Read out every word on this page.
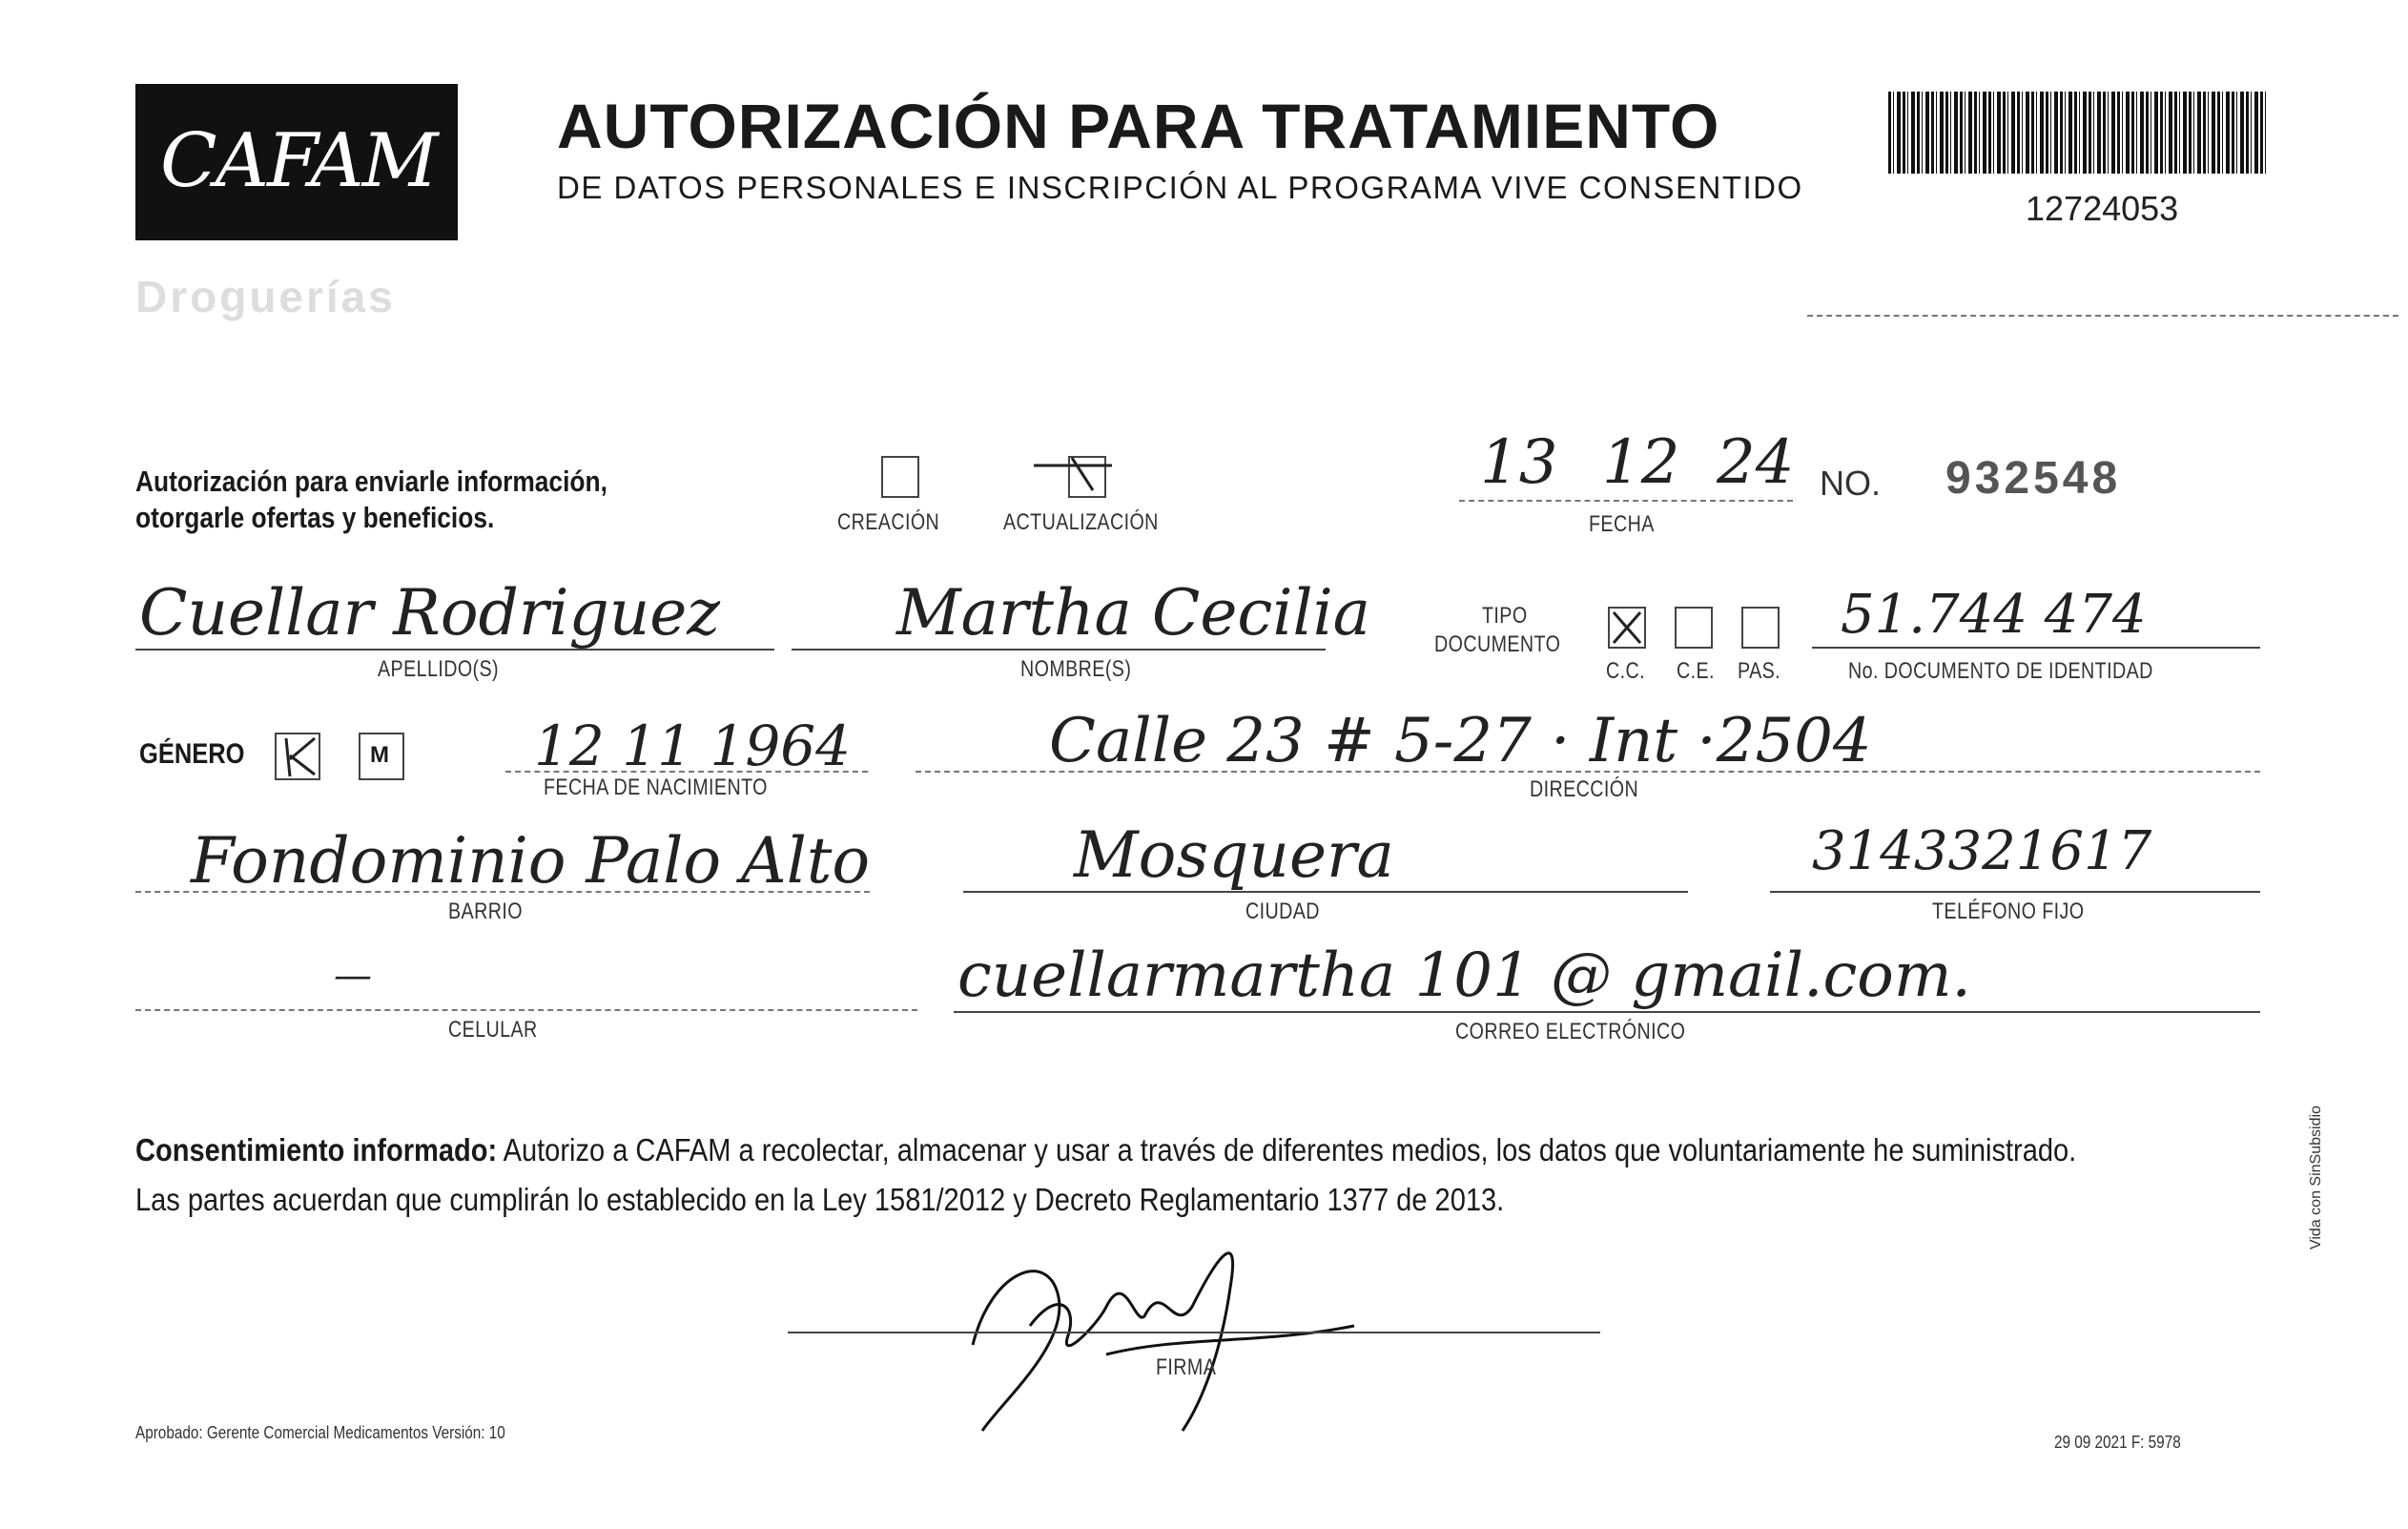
CAFAM
Droguerías
AUTORIZACIÓN PARA TRATAMIENTO
DE DATOS PERSONALES E INSCRIPCIÓN AL PROGRAMA VIVE CONSENTIDO
12724053
Autorización para enviarle información,
otorgarle ofertas y beneficios.	CREACIÓN	ACTUALIZACIÓN
13 12 24
FECHA
NO. 932548
Cuellar Rodriguez
APELLIDO(S)
Martha Cecilia
NOMBRE(S)
TIPO
DOCUMENTO
C.C. C.E. PAS.
51.744 474
No. DOCUMENTO DE IDENTIDAD
GÉNERO	M	12 11 1964
FECHA DE NACIMIENTO
Calle 23 # 5-27 · Int ·2504
DIRECCIÓN
Fondominio Palo Alto
BARRIO
Mosquera
CIUDAD
3143321617
TELÉFONO FIJO
—
CELULAR
cuellarmartha 101 @ gmail.com.
CORREO ELECTRÓNICO
Consentimiento informado: Autorizo a CAFAM a recolectar, almacenar y usar a través de diferentes medios, los datos que voluntariamente he suministrado.
Las partes acuerdan que cumplirán lo establecido en la Ley 1581/2012 y Decreto Reglamentario 1377 de 2013.
FIRMA
Aprobado: Gerente Comercial Medicamentos Versión: 10	29 09 2021 F: 5978
Vida con SinSubsidio
